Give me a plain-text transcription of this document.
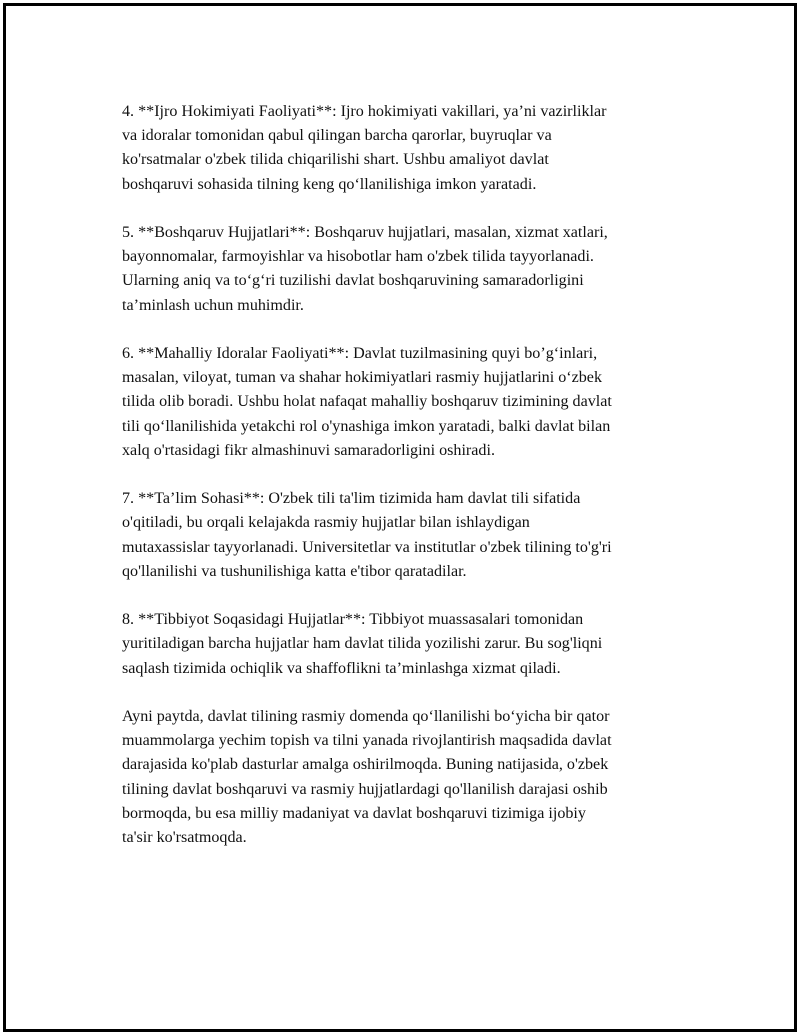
4. **Ijro Hokimiyati Faoliyati**: Ijro hokimiyati vakillari, ya’ni vazirliklar
va idoralar tomonidan qabul qilingan barcha qarorlar, buyruqlar va
ko'rsatmalar o'zbek tilida chiqarilishi shart. Ushbu amaliyot davlat
boshqaruvi sohasida tilning keng qo‘llanilishiga imkon yaratadi.

5. **Boshqaruv Hujjatlari**: Boshqaruv hujjatlari, masalan, xizmat xatlari,
bayonnomalar, farmoyishlar va hisobotlar ham o'zbek tilida tayyorlanadi.
Ularning aniq va to‘g‘ri tuzilishi davlat boshqaruvining samaradorligini
ta’minlash uchun muhimdir.

6. **Mahalliy Idoralar Faoliyati**: Davlat tuzilmasining quyi bo’g‘inlari,
masalan, viloyat, tuman va shahar hokimiyatlari rasmiy hujjatlarini o‘zbek
tilida olib boradi. Ushbu holat nafaqat mahalliy boshqaruv tizimining davlat
tili qo‘llanilishida yetakchi rol o'ynashiga imkon yaratadi, balki davlat bilan
xalq o'rtasidagi fikr almashinuvi samaradorligini oshiradi.

7. **Ta’lim Sohasi**: O'zbek tili ta'lim tizimida ham davlat tili sifatida
o'qitiladi, bu orqali kelajakda rasmiy hujjatlar bilan ishlaydigan
mutaxassislar tayyorlanadi. Universitetlar va institutlar o'zbek tilining to'g'ri
qo'llanilishi va tushunilishiga katta e'tibor qaratadilar.

8. **Tibbiyot Soqasidagi Hujjatlar**: Tibbiyot muassasalari tomonidan
yuritiladigan barcha hujjatlar ham davlat tilida yozilishi zarur. Bu sog'liqni
saqlash tizimida ochiqlik va shaffoflikni ta’minlashga xizmat qiladi.

Ayni paytda, davlat tilining rasmiy domenda qo‘llanilishi bo‘yicha bir qator
muammolarga yechim topish va tilni yanada rivojlantirish maqsadida davlat
darajasida ko'plab dasturlar amalga oshirilmoqda. Buning natijasida, o'zbek
tilining davlat boshqaruvi va rasmiy hujjatlardagi qo'llanilish darajasi oshib
bormoqda, bu esa milliy madaniyat va davlat boshqaruvi tizimiga ijobiy
ta'sir ko'rsatmoqda.
